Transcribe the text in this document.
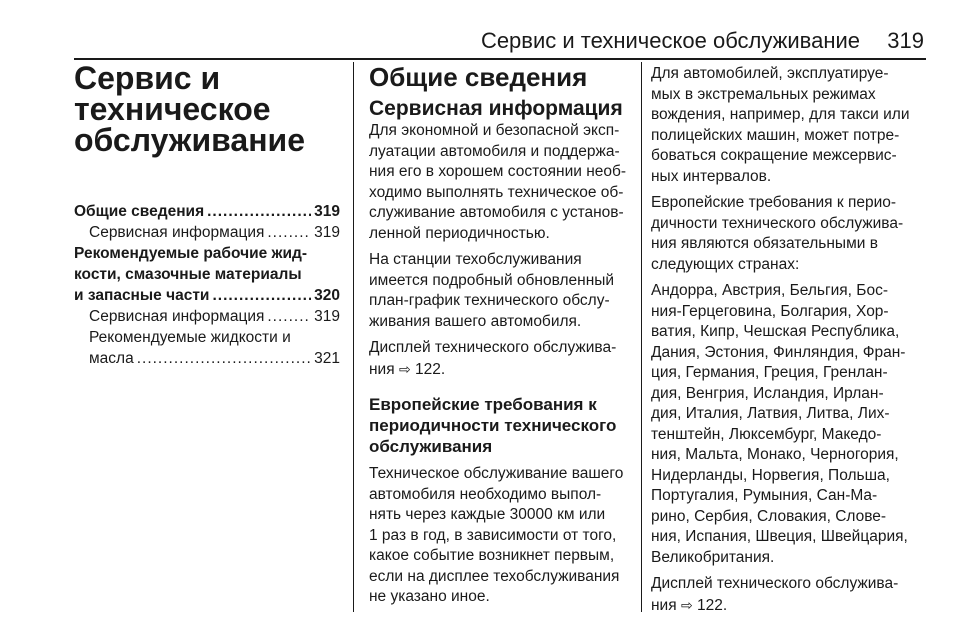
Сервис и техническое обслуживание	319
Сервис и
техническое
обслуживание
Общие сведения .....	319
Сервисная информация .....	319
Рекомендуемые рабочие жид-
кости, смазочные материалы
и запасные части .....	320
Сервисная информация .....	319
Рекомендуемые жидкости и
масла .....	321
Общие сведения
Сервисная информация

Для экономной и безопасной эксп-
луатации автомобиля и поддержа-
ния его в хорошем состоянии необ-
ходимо выполнять техническое об-
служивание автомобиля с установ-
ленной периодичностью.

На станции техобслуживания
имеется подробный обновленный
план-график технического обслу-
живания вашего автомобиля.

Дисплей технического обслужива-
ния ⇨ 122.

Европейские требования к
периодичности технического
обслуживания

Техническое обслуживание вашего
автомобиля необходимо выпол-
нять через каждые 30000 км или
1 раз в год, в зависимости от того,
какое событие возникнет первым,
если на дисплее техобслуживания
не указано иное.

Для автомобилей, эксплуатируе-
мых в экстремальных режимах
вождения, например, для такси или
полицейских машин, может потре-
боваться сокращение межсервис-
ных интервалов.

Европейские требования к перио-
дичности технического обслужива-
ния являются обязательными в
следующих странах:

Андорра, Австрия, Бельгия, Бос-
ния-Герцеговина, Болгария, Хор-
ватия, Кипр, Чешская Республика,
Дания, Эстония, Финляндия, Фран-
ция, Германия, Греция, Гренлан-
дия, Венгрия, Исландия, Ирлан-
дия, Италия, Латвия, Литва, Лих-
тенштейн, Люксембург, Македо-
ния, Мальта, Монако, Черногория,
Нидерланды, Норвегия, Польша,
Португалия, Румыния, Сан-Ма-
рино, Сербия, Словакия, Слове-
ния, Испания, Швеция, Швейцария,
Великобритания.

Дисплей технического обслужива-
ния ⇨ 122.
